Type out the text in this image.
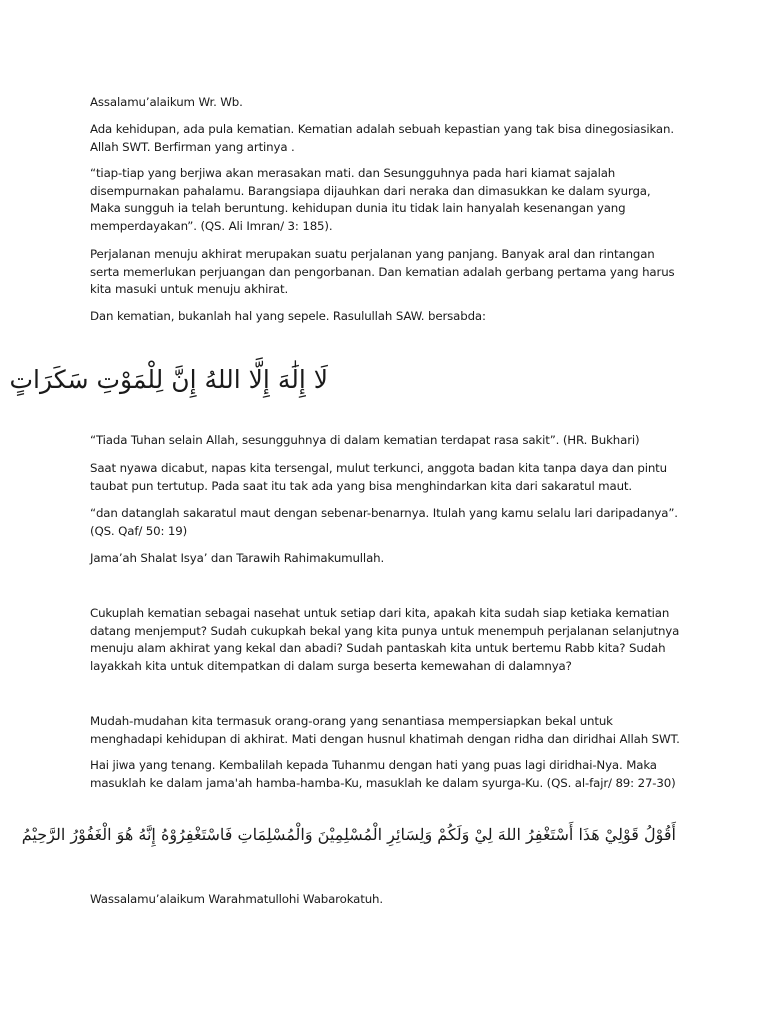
Assalamu’alaikum Wr. Wb.

Ada kehidupan, ada pula kematian. Kematian adalah sebuah kepastian yang tak bisa dinegosiasikan. Allah SWT. Berfirman yang artinya .

“tiap-tiap yang berjiwa akan merasakan mati. dan Sesungguhnya pada hari kiamat sajalah disempurnakan pahalamu. Barangsiapa dijauhkan dari neraka dan dimasukkan ke dalam syurga, Maka sungguh ia telah beruntung. kehidupan dunia itu tidak lain hanyalah kesenangan yang memperdayakan”. (QS. Ali Imran/ 3: 185).

Perjalanan menuju akhirat merupakan suatu perjalanan yang panjang. Banyak aral dan rintangan serta memerlukan perjuangan dan pengorbanan. Dan kematian adalah gerbang pertama yang harus kita masuki untuk menuju akhirat.

Dan kematian, bukanlah hal yang sepele. Rasulullah SAW. bersabda:

لَا إِلَٰهَ إِلَّا اللهُ إِنَّ لِلْمَوْتِ سَكَرَاتٍ

“Tiada Tuhan selain Allah, sesungguhnya di dalam kematian terdapat rasa sakit”. (HR. Bukhari)

Saat nyawa dicabut, napas kita tersengal, mulut terkunci, anggota badan kita tanpa daya dan pintu taubat pun tertutup. Pada saat itu tak ada yang bisa menghindarkan kita dari sakaratul maut.

“dan datanglah sakaratul maut dengan sebenar-benarnya. Itulah yang kamu selalu lari daripadanya”. (QS. Qaf/ 50: 19)

Jama’ah Shalat Isya’ dan Tarawih Rahimakumullah.

Cukuplah kematian sebagai nasehat untuk setiap dari kita, apakah kita sudah siap ketiaka kematian datang menjemput? Sudah cukupkah bekal yang kita punya untuk menempuh perjalanan selanjutnya menuju alam akhirat yang kekal dan abadi? Sudah pantaskah kita untuk bertemu Rabb kita? Sudah layakkah kita untuk ditempatkan di dalam surga beserta kemewahan di dalamnya?

Mudah-mudahan kita termasuk orang-orang yang senantiasa mempersiapkan bekal untuk menghadapi kehidupan di akhirat. Mati dengan husnul khatimah dengan ridha dan diridhai Allah SWT.

Hai jiwa yang tenang. Kembalilah kepada Tuhanmu dengan hati yang puas lagi diridhai-Nya. Maka masuklah ke dalam jama'ah hamba-hamba-Ku, masuklah ke dalam syurga-Ku. (QS. al-fajr/ 89: 27-30)

أَقُوْلُ قَوْلِيْ هَذَا أَسْتَغْفِرُ اللهَ لِيْ وَلَكُمْ وَلِسَائِرِ الْمُسْلِمِيْنَ وَالْمُسْلِمَاتِ فَاسْتَغْفِرُوْهُ إِنَّهُ هُوَ الْغَفُوْرُ الرَّحِيْمُ

Wassalamu’alaikum Warahmatullohi Wabarokatuh.
